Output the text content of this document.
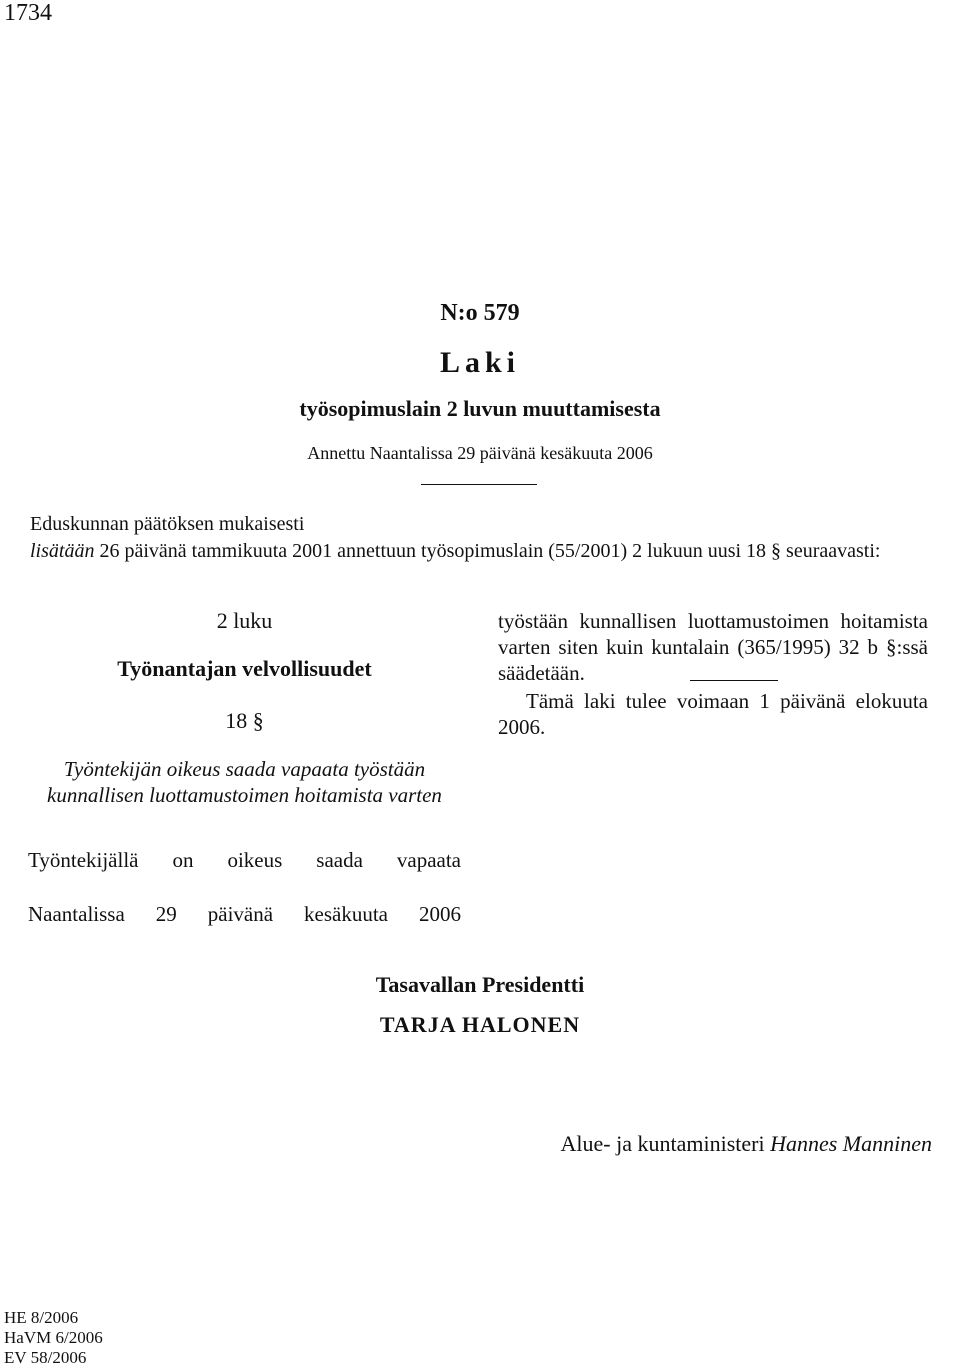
1734
N:o 579
Laki
työsopimuslain 2 luvun muuttamisesta
Annettu Naantalissa 29 päivänä kesäkuuta 2006

Eduskunnan päätöksen mukaisesti

lisätään 26 päivänä tammikuuta 2001 annettuun työsopimuslain (55/2001) 2 lukuun uusi 18 § seuraavasti:

2 luku
Työnantajan velvollisuudet
18 §
Työntekijän oikeus saada vapaata työstään kunnallisen luottamustoimen hoitamista varten
Työntekijällä on oikeus saada vapaata
Naantalissa 29 päivänä kesäkuuta 2006
työstään kunnallisen luottamustoimen hoitamista varten siten kuin kuntalain (365/1995) 32 b §:ssä säädetään.
Tämä laki tulee voimaan 1 päivänä elokuuta 2006.
Tasavallan Presidentti
TARJA HALONEN
Alue- ja kuntaministeri Hannes Manninen
HE 8/2006
HaVM 6/2006
EV 58/2006
